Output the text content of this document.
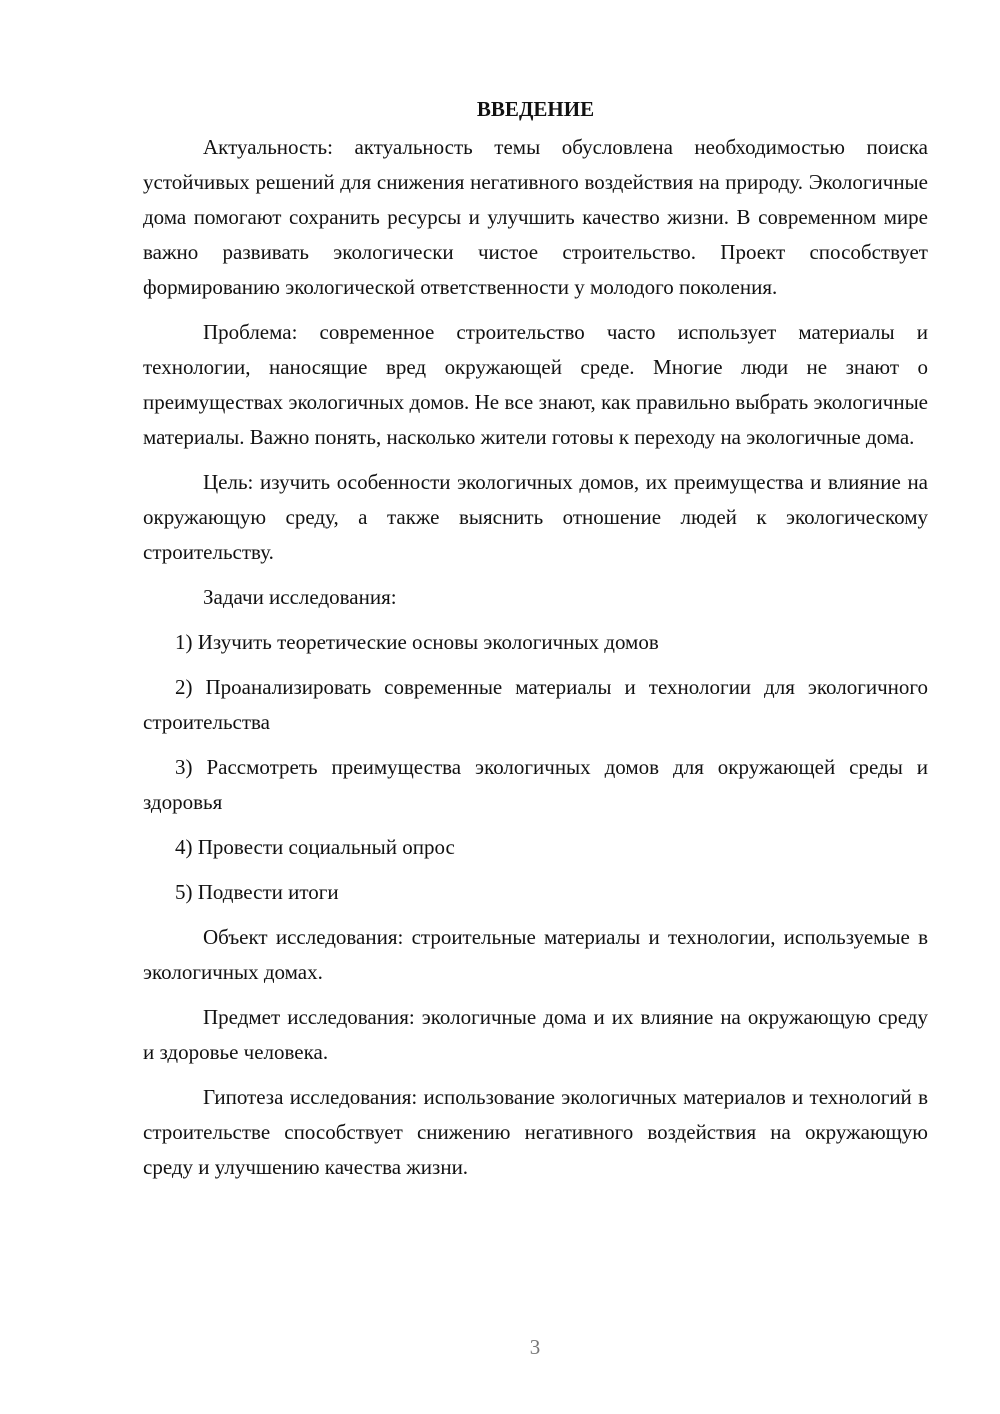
ВВЕДЕНИЕ

Актуальность: актуальность темы обусловлена необходимостью поиска устойчивых решений для снижения негативного воздействия на природу. Экологичные дома помогают сохранить ресурсы и улучшить качество жизни. В современном мире важно развивать экологически чистое строительство. Проект способствует формированию экологической ответственности у молодого поколения.

Проблема: современное строительство часто использует материалы и технологии, наносящие вред окружающей среде. Многие люди не знают о преимуществах экологичных домов. Не все знают, как правильно выбрать экологичные материалы. Важно понять, насколько жители готовы к переходу на экологичные дома.

Цель: изучить особенности экологичных домов, их преимущества и влияние на окружающую среду, а также выяснить отношение людей к экологическому строительству.

Задачи исследования:

1) Изучить теоретические основы экологичных домов

2) Проанализировать современные материалы и технологии для экологичного строительства

3) Рассмотреть преимущества экологичных домов для окружающей среды и здоровья

4) Провести социальный опрос

5) Подвести итоги

Объект исследования: строительные материалы и технологии, используемые в экологичных домах.

Предмет исследования: экологичные дома и их влияние на окружающую среду и здоровье человека.

Гипотеза исследования: использование экологичных материалов и технологий в строительстве способствует снижению негативного воздействия на окружающую среду и улучшению качества жизни.

3
